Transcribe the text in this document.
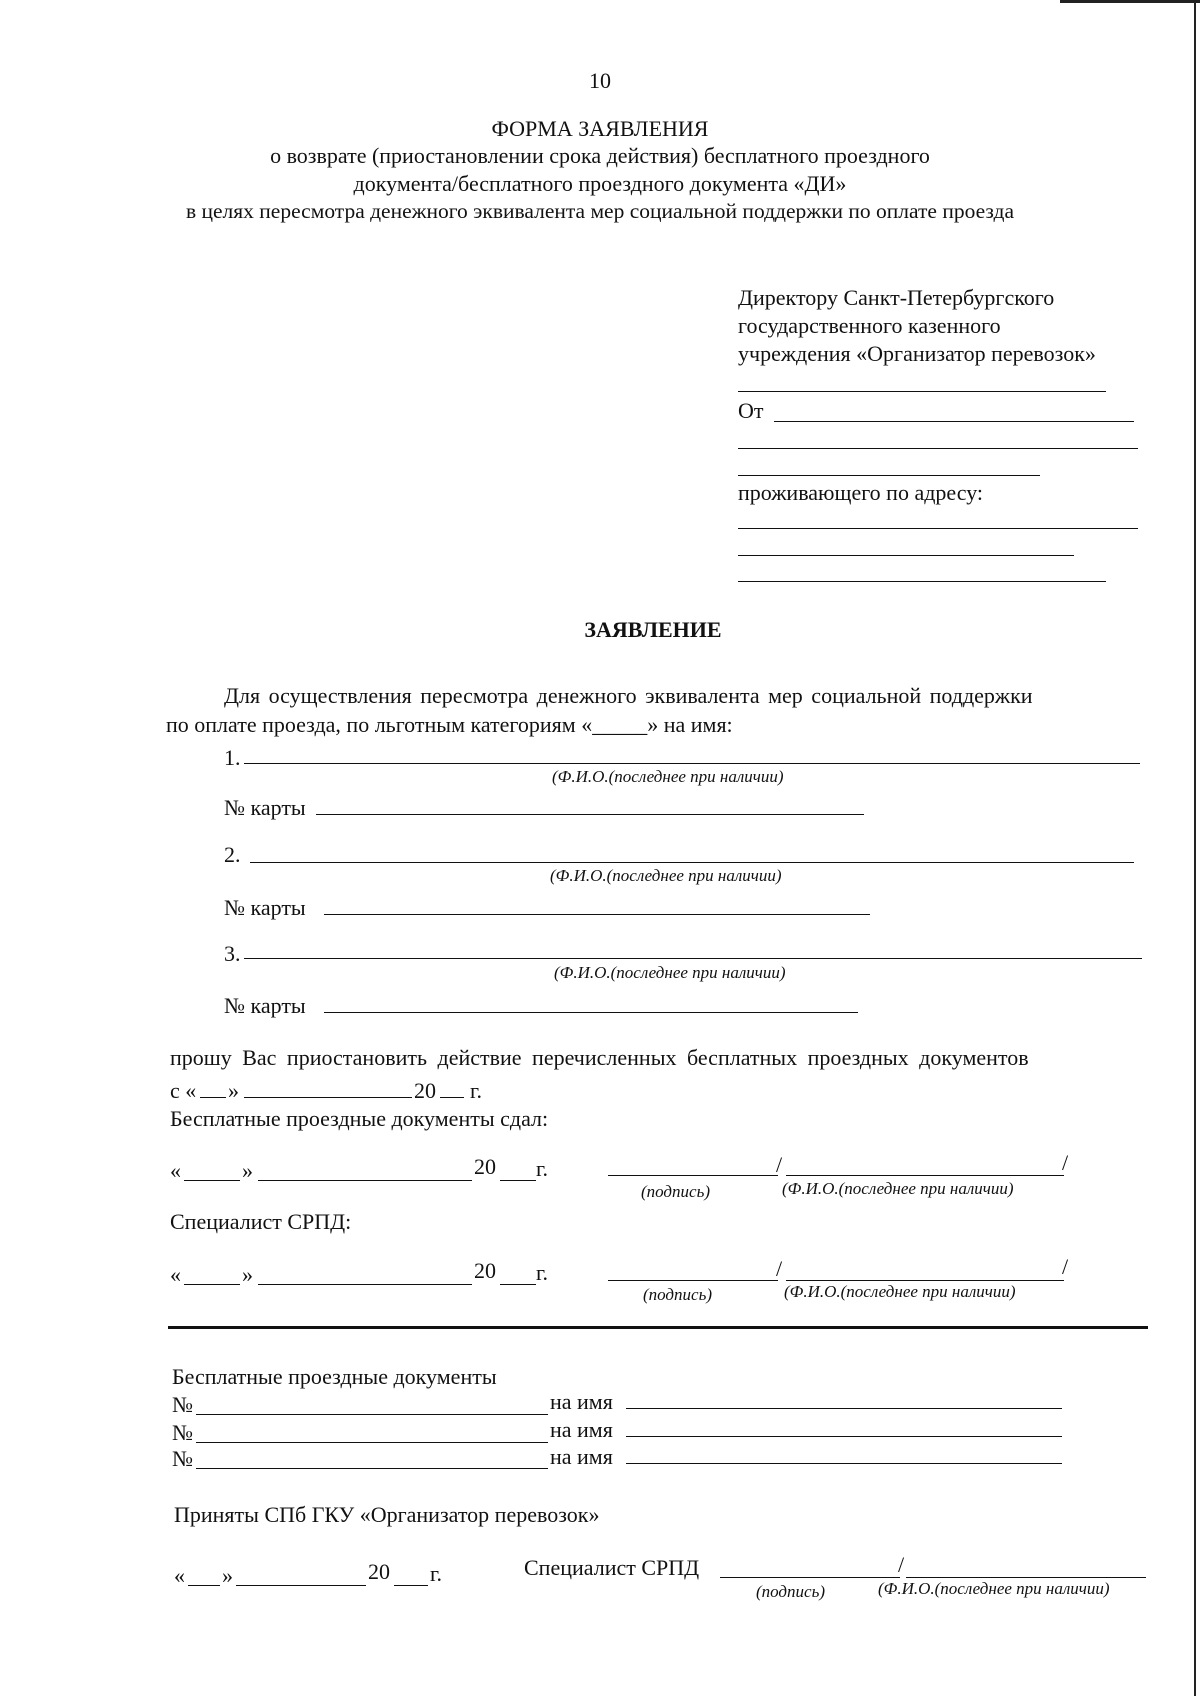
10
ФОРМА ЗАЯВЛЕНИЯ
о возврате (приостановлении срока действия) бесплатного проездного
документа/бесплатного проездного документа «ДИ»
в целях пересмотра денежного эквивалента мер социальной поддержки по оплате проезда
Директору Санкт-Петербургского
государственного казенного
учреждения «Организатор перевозок»
От
проживающего по адресу:
ЗАЯВЛЕНИЕ
Для осуществления пересмотра денежного эквивалента мер социальной поддержки
по оплате проезда, по льготным категориям «_____» на имя:
1.
(Ф.И.О.(последнее при наличии)
№ карты
2.
(Ф.И.О.(последнее при наличии)
№ карты
3.
(Ф.И.О.(последнее при наличии)
№ карты
прошу Вас приостановить действие перечисленных бесплатных проездных документов
с « »	20 г.
Бесплатные проездные документы сдал:
«	»	20 г.	/	/
(подпись)	(Ф.И.О.(последнее при наличии)
Специалист СРПД:
«	»	20 г.	/	/
(подпись)	(Ф.И.О.(последнее при наличии)
Бесплатные проездные документы
№	на имя
№	на имя
№	на имя
Приняты СПб ГКУ «Организатор перевозок»
« »	20 г.	Специалист СРПД	/
(подпись)	(Ф.И.О.(последнее при наличии)
